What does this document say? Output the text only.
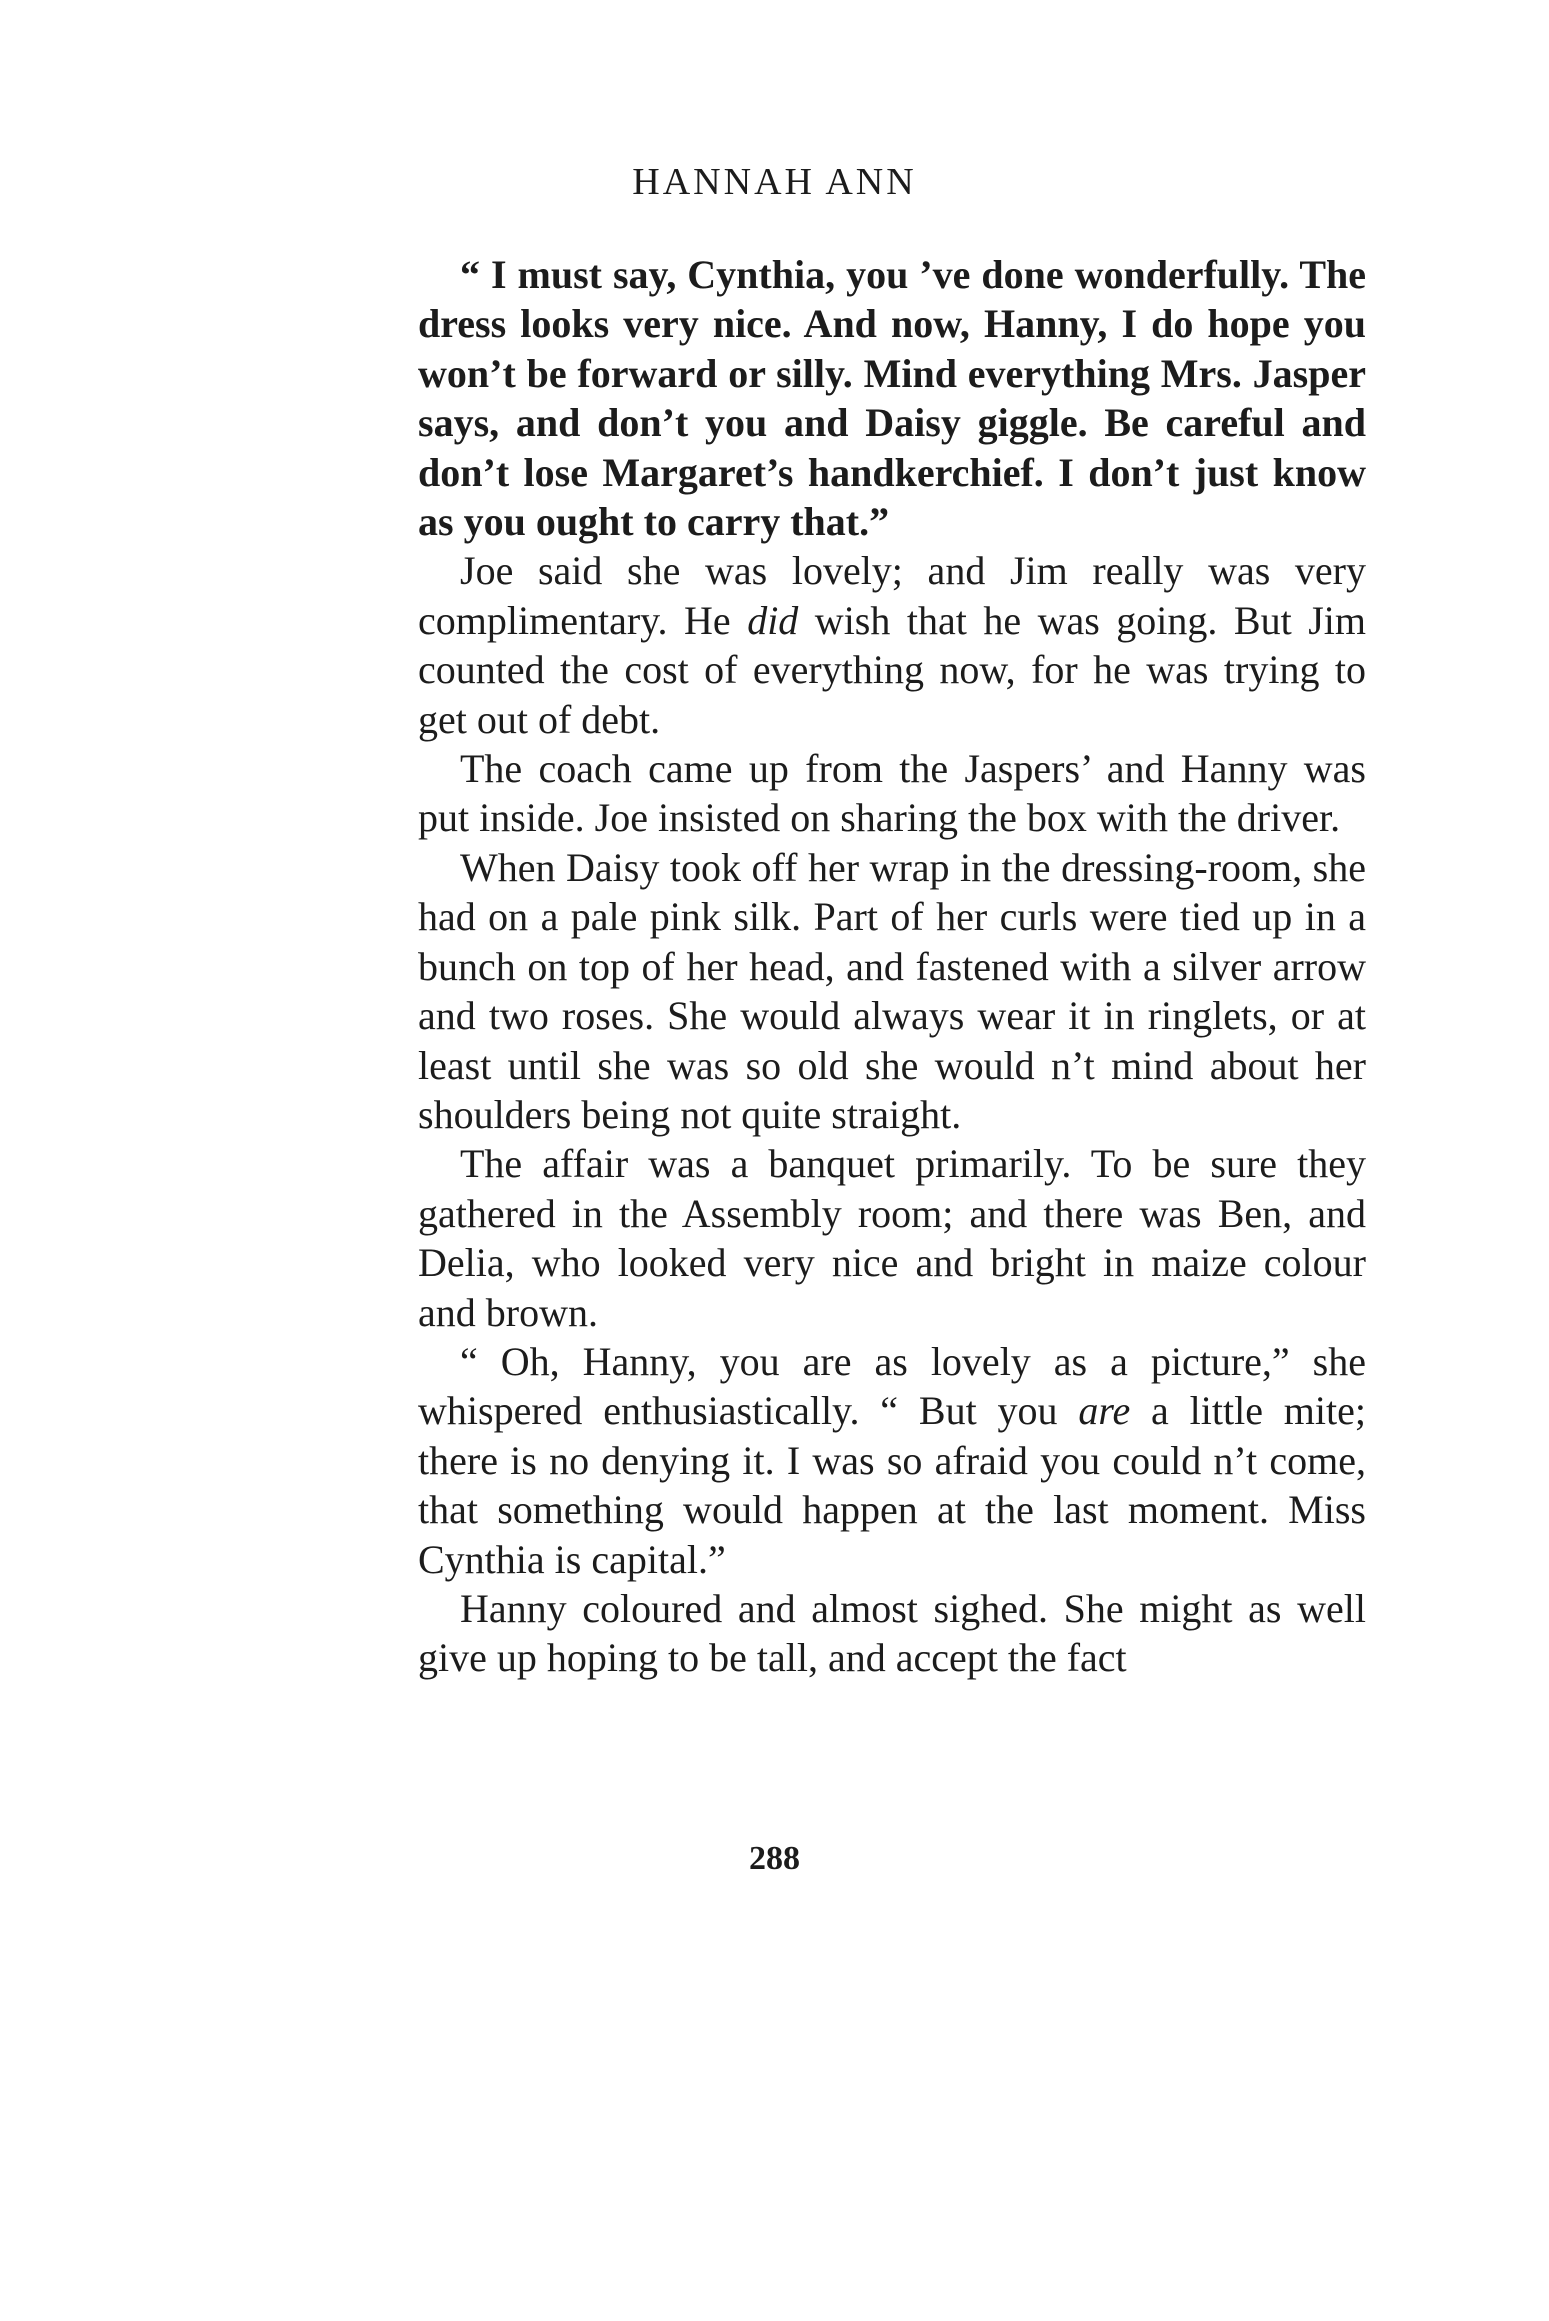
HANNAH ANN

“ I must say, Cynthia, you ’ve done wonderfully. The dress looks very nice. And now, Hanny, I do hope you won’t be forward or silly. Mind everything Mrs. Jasper says, and don’t you and Daisy giggle. Be careful and don’t lose Margaret’s handkerchief. I don’t just know as you ought to carry that.”

Joe said she was lovely; and Jim really was very complimentary. He did wish that he was going. But Jim counted the cost of everything now, for he was trying to get out of debt.

The coach came up from the Jaspers’ and Hanny was put inside. Joe insisted on sharing the box with the driver.

When Daisy took off her wrap in the dressing-room, she had on a pale pink silk. Part of her curls were tied up in a bunch on top of her head, and fastened with a silver arrow and two roses. She would always wear it in ringlets, or at least until she was so old she would n’t mind about her shoulders being not quite straight.

The affair was a banquet primarily. To be sure they gathered in the Assembly room; and there was Ben, and Delia, who looked very nice and bright in maize colour and brown.

“ Oh, Hanny, you are as lovely as a picture,” she whispered enthusiastically. “ But you are a little mite; there is no denying it. I was so afraid you could n’t come, that something would happen at the last moment. Miss Cynthia is capital.”

Hanny coloured and almost sighed. She might as well give up hoping to be tall, and accept the fact

288
